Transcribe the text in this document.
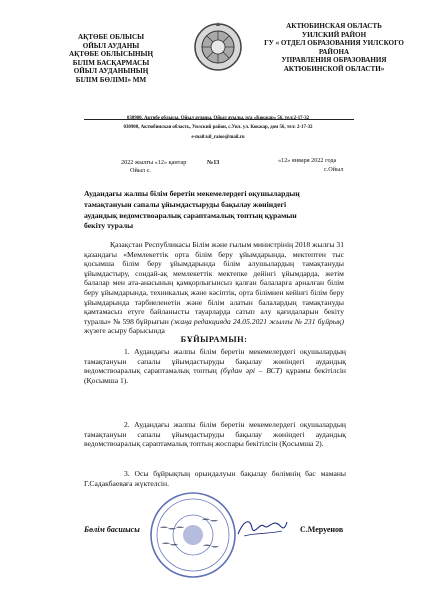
АҚТӨБЕ ОБЛЫСЫ
ОЙЫЛ АУДАНЫ
АҚТӨБЕ ОБЛЫСЫНЫҢ
БІЛІМ БАСҚАРМАСЫ
ОЙЫЛ АУДАНЫНЫҢ
БІЛІМ БӨЛІМІ» ММ
АКТЮБИНСКАЯ ОБЛАСТЬ
УИЛСКИЙ РАЙОН
ГУ « ОТДЕЛ ОБРАЗОВАНИЯ УИЛСКОГО
РАЙОНА
УПРАВЛЕНИЯ ОБРАЗОВАНИЯ
АКТЮБИНСКОЙ ОБЛАСТИ»
030900, Ақтөбе облысы, Ойыл ауданы, Ойыл ауылы, м/а «Көкжар» 56, тел:2-17-32
030900, Актюбинская область, Уилский район, с.Уил. ул. Кокжар, дом 56, тел: 2-17-32
e-mail:uil_raiоо@mail.ru
2022 жылғы «12» қантар
Ойыл с.
№13	«12» января 2022 года
с.Ойыл
Аудандағы жалпы білім беретін мекемелердегі оқушылардың тамақтануын сапалы ұйымдастыруды бақылау жөніндегі аудандық ведомствоаралық сараптамалық топтың құрамын бекіту туралы
Қазақстан Республикасы Білім және ғылым министрінің 2018 жылғы 31 қазандағы «Мемлекеттік орта білім беру ұйымдарында, мектептен тыс қосымша білім беру ұйымдарында білім алушылардың тамақтануды ұйымдастыру, сондай-ақ мемлекеттік мектепке дейінгі ұйымдарда, жетім балалар мен ата-анасының қамқорлығынсыз қалған балаларға арналған білім беру ұйымдарында, техникалық және кәсіптік, орта білімнен кейінгі білім беру ұйымдарында тәрбиеленетін және білім алатын балалардың тамақтануды қамтамасыз етуге байланысты тауарларда сатып алу қағидаларын бекіту туралы» № 598 бұйрығын (жаңа редакцияда 24.05.2021 жылғы № 231 бұйрық) жүзеге асыру барысында
БҰЙЫРАМЫН:
1. Аудандағы жалпы білім беретін мекемелердегі оқушылардың тамақтануын сапалы ұйымдастыруды бақылау жөніндегі аудандық ведомствоаралық сараптамалық топтың (бұдан әрі – ВСТ) құрамы бекітілсін (Қосымша 1).
2. Аудандағы жалпы білім беретін мекемелердегі оқушылардың тамақтануын сапалы ұйымдастыруды бақылау жөніндегі аудандық ведомствоаралық сараптамалық топтың жоспары бекітілсін (Қосымша 2).
3. Осы бұйрықтың орындалуын бақылау бөлімнің бас маманы Г.Садакбаеваға жүктелсін.
Бөлім басшысы	С.Меруенов
